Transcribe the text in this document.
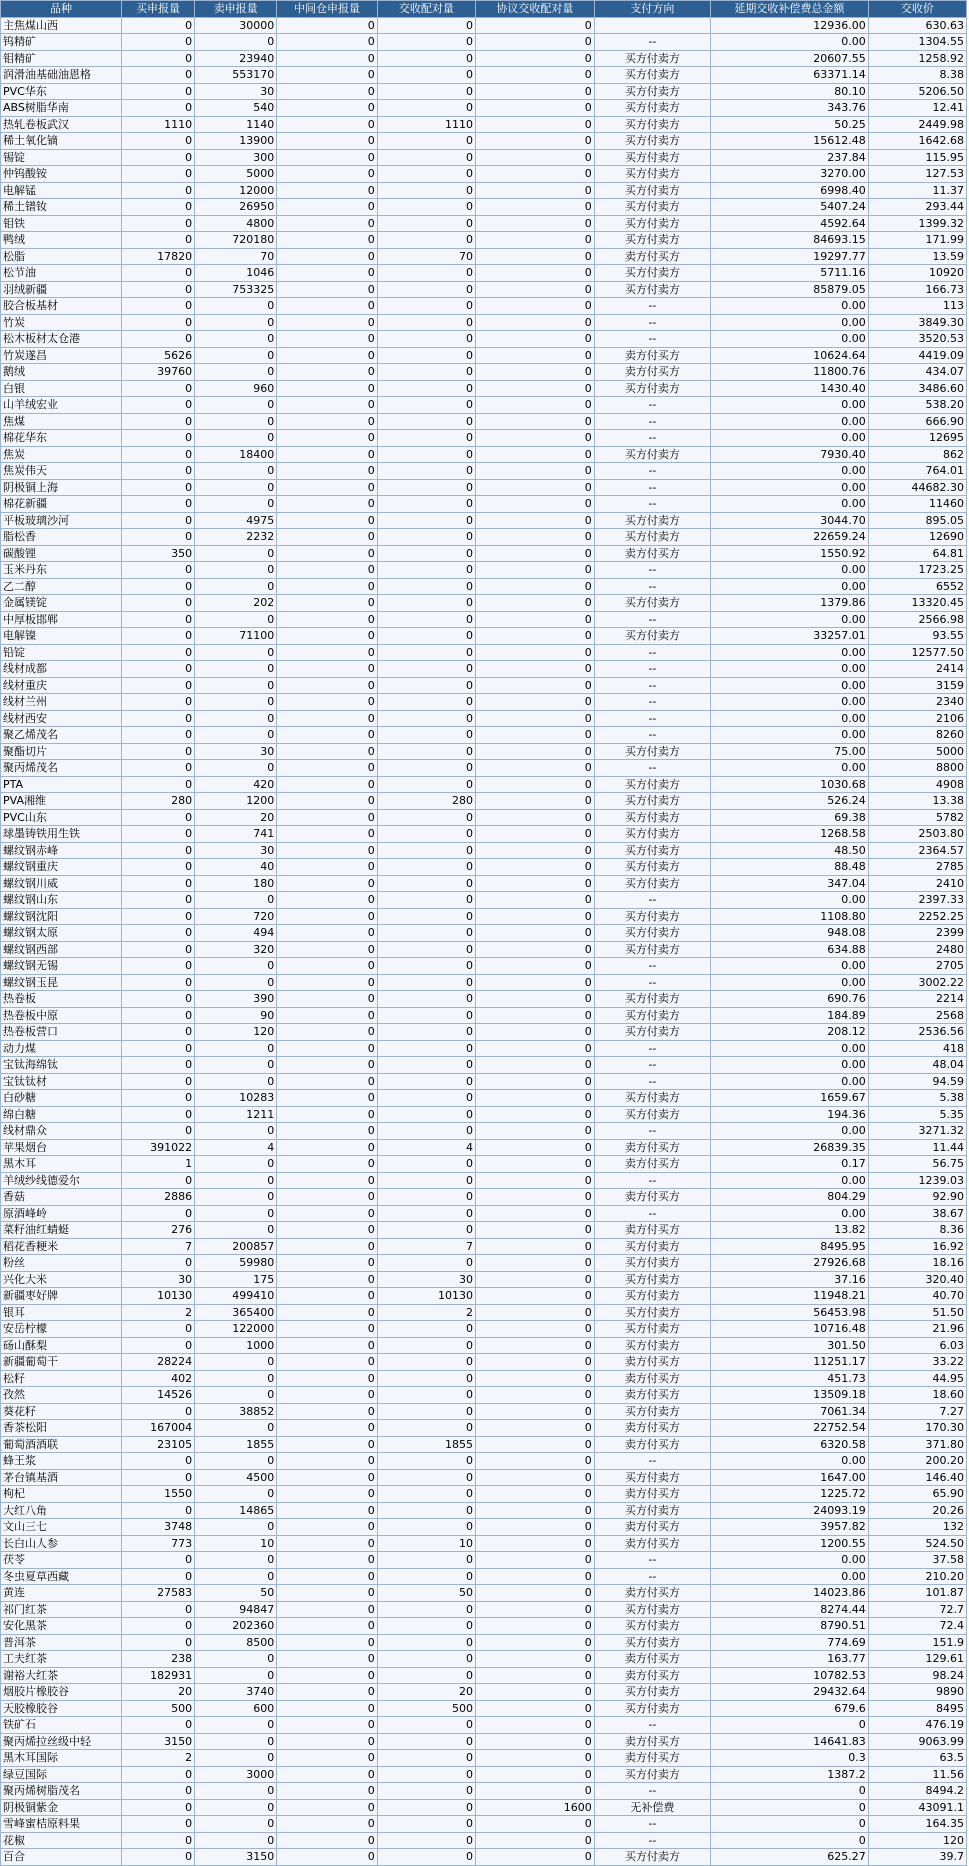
品种	买申报量	卖申报量	中间仓申报量	交收配对量	协议交收配对量	支付方向	延期交收补偿费总金额	交收价
主焦煤山西	0	30000	0	0	0		12936.00	630.63
钨精矿	0	0	0	0	0	--	0.00	1304.55
钼精矿	0	23940	0	0	0	买方付卖方	20607.55	1258.92
润滑油基础油恩格	0	553170	0	0	0	买方付卖方	63371.14	8.38
PVC华东	0	30	0	0	0	买方付卖方	80.10	5206.50
ABS树脂华南	0	540	0	0	0	买方付卖方	343.76	12.41
热轧卷板武汉	1110	1140	0	1110	0	买方付卖方	50.25	2449.98
稀土氧化镝	0	13900	0	0	0	买方付卖方	15612.48	1642.68
锡锭	0	300	0	0	0	买方付卖方	237.84	115.95
仲钨酸铵	0	5000	0	0	0	买方付卖方	3270.00	127.53
电解锰	0	12000	0	0	0	买方付卖方	6998.40	11.37
稀土镨钕	0	26950	0	0	0	买方付卖方	5407.24	293.44
钼铁	0	4800	0	0	0	买方付卖方	4592.64	1399.32
鸭绒	0	720180	0	0	0	买方付卖方	84693.15	171.99
松脂	17820	70	0	70	0	卖方付买方	19297.77	13.59
松节油	0	1046	0	0	0	买方付卖方	5711.16	10920
羽绒新疆	0	753325	0	0	0	买方付卖方	85879.05	166.73
胶合板基材	0	0	0	0	0	--	0.00	113
竹炭	0	0	0	0	0	--	0.00	3849.30
松木板材太仓港	0	0	0	0	0	--	0.00	3520.53
竹炭遂昌	5626	0	0	0	0	卖方付买方	10624.64	4419.09
鹅绒	39760	0	0	0	0	卖方付买方	11800.76	434.07
白银	0	960	0	0	0	买方付卖方	1430.40	3486.60
山羊绒宏业	0	0	0	0	0	--	0.00	538.20
焦煤	0	0	0	0	0	--	0.00	666.90
棉花华东	0	0	0	0	0	--	0.00	12695
焦炭	0	18400	0	0	0	买方付卖方	7930.40	862
焦炭伟天	0	0	0	0	0	--	0.00	764.01
阴极铜上海	0	0	0	0	0	--	0.00	44682.30
棉花新疆	0	0	0	0	0	--	0.00	11460
平板玻璃沙河	0	4975	0	0	0	买方付卖方	3044.70	895.05
脂松香	0	2232	0	0	0	买方付卖方	22659.24	12690
碳酸锂	350	0	0	0	0	卖方付买方	1550.92	64.81
玉米丹东	0	0	0	0	0	--	0.00	1723.25
乙二醇	0	0	0	0	0	--	0.00	6552
金属镁锭	0	202	0	0	0	买方付卖方	1379.86	13320.45
中厚板邯郸	0	0	0	0	0	--	0.00	2566.98
电解镍	0	71100	0	0	0	买方付卖方	33257.01	93.55
铅锭	0	0	0	0	0	--	0.00	12577.50
线材成都	0	0	0	0	0	--	0.00	2414
线材重庆	0	0	0	0	0	--	0.00	3159
线材兰州	0	0	0	0	0	--	0.00	2340
线材西安	0	0	0	0	0	--	0.00	2106
聚乙烯茂名	0	0	0	0	0	--	0.00	8260
聚酯切片	0	30	0	0	0	买方付卖方	75.00	5000
聚丙烯茂名	0	0	0	0	0	--	0.00	8800
PTA	0	420	0	0	0	买方付卖方	1030.68	4908
PVA湘维	280	1200	0	280	0	买方付卖方	526.24	13.38
PVC山东	0	20	0	0	0	买方付卖方	69.38	5782
球墨铸铁用生铁	0	741	0	0	0	买方付卖方	1268.58	2503.80
螺纹钢赤峰	0	30	0	0	0	买方付卖方	48.50	2364.57
螺纹钢重庆	0	40	0	0	0	买方付卖方	88.48	2785
螺纹钢川威	0	180	0	0	0	买方付卖方	347.04	2410
螺纹钢山东	0	0	0	0	0	--	0.00	2397.33
螺纹钢沈阳	0	720	0	0	0	买方付卖方	1108.80	2252.25
螺纹钢太原	0	494	0	0	0	买方付卖方	948.08	2399
螺纹钢西部	0	320	0	0	0	买方付卖方	634.88	2480
螺纹钢无锡	0	0	0	0	0	--	0.00	2705
螺纹钢玉昆	0	0	0	0	0	--	0.00	3002.22
热卷板	0	390	0	0	0	买方付卖方	690.76	2214
热卷板中原	0	90	0	0	0	买方付卖方	184.89	2568
热卷板营口	0	120	0	0	0	买方付卖方	208.12	2536.56
动力煤	0	0	0	0	0	--	0.00	418
宝钛海绵钛	0	0	0	0	0	--	0.00	48.04
宝钛钛材	0	0	0	0	0	--	0.00	94.59
白砂糖	0	10283	0	0	0	买方付卖方	1659.67	5.38
绵白糖	0	1211	0	0	0	买方付卖方	194.36	5.35
线材鼎众	0	0	0	0	0	--	0.00	3271.32
苹果烟台	391022	4	0	4	0	卖方付买方	26839.35	11.44
黑木耳	1	0	0	0	0	卖方付买方	0.17	56.75
羊绒纱线德爱尔	0	0	0	0	0	--	0.00	1239.03
香菇	2886	0	0	0	0	卖方付买方	804.29	92.90
原酒峰岭	0	0	0	0	0	--	0.00	38.67
菜籽油红蜻蜓	276	0	0	0	0	卖方付买方	13.82	8.36
稻花香粳米	7	200857	0	7	0	买方付卖方	8495.95	16.92
粉丝	0	59980	0	0	0	买方付卖方	27926.68	18.16
兴化大米	30	175	0	30	0	买方付卖方	37.16	320.40
新疆枣好牌	10130	499410	0	10130	0	买方付卖方	11948.21	40.70
银耳	2	365400	0	2	0	买方付卖方	56453.98	51.50
安岳柠檬	0	122000	0	0	0	买方付卖方	10716.48	21.96
砀山酥梨	0	1000	0	0	0	买方付卖方	301.50	6.03
新疆葡萄干	28224	0	0	0	0	卖方付买方	11251.17	33.22
松籽	402	0	0	0	0	卖方付买方	451.73	44.95
孜然	14526	0	0	0	0	卖方付买方	13509.18	18.60
葵花籽	0	38852	0	0	0	买方付卖方	7061.34	7.27
香茶松阳	167004	0	0	0	0	卖方付买方	22752.54	170.30
葡萄酒酒联	23105	1855	0	1855	0	卖方付买方	6320.58	371.80
蜂王浆	0	0	0	0	0	--	0.00	200.20
茅台镇基酒	0	4500	0	0	0	买方付卖方	1647.00	146.40
枸杞	1550	0	0	0	0	卖方付买方	1225.72	65.90
大红八角	0	14865	0	0	0	买方付卖方	24093.19	20.26
文山三七	3748	0	0	0	0	卖方付买方	3957.82	132
长白山人参	773	10	0	10	0	卖方付买方	1200.55	524.50
茯苓	0	0	0	0	0	--	0.00	37.58
冬虫夏草西藏	0	0	0	0	0	--	0.00	210.20
黄连	27583	50	0	50	0	卖方付买方	14023.86	101.87
祁门红茶	0	94847	0	0	0	买方付卖方	8274.44	72.7
安化黑茶	0	202360	0	0	0	买方付卖方	8790.51	72.4
普洱茶	0	8500	0	0	0	买方付卖方	774.69	151.9
工夫红茶	238	0	0	0	0	卖方付买方	163.77	129.61
谢裕大红茶	182931	0	0	0	0	卖方付买方	10782.53	98.24
烟胶片橡胶谷	20	3740	0	20	0	买方付卖方	29432.64	9890
天胶橡胶谷	500	600	0	500	0	买方付卖方	679.6	8495
铁矿石	0	0	0	0	0	--	0	476.19
聚丙烯拉丝级中轻	3150	0	0	0	0	卖方付买方	14641.83	9063.99
黑木耳国际	2	0	0	0	0	卖方付买方	0.3	63.5
绿豆国际	0	3000	0	0	0	买方付卖方	1387.2	11.56
聚丙烯树脂茂名	0	0	0	0	0	--	0	8494.2
阴极铜紫金	0	0	0	0	1600	无补偿费	0	43091.1
雪峰蜜桔原料果	0	0	0	0	0	--	0	164.35
花椒	0	0	0	0	0	--	0	120
百合	0	3150	0	0	0	买方付卖方	625.27	39.7
